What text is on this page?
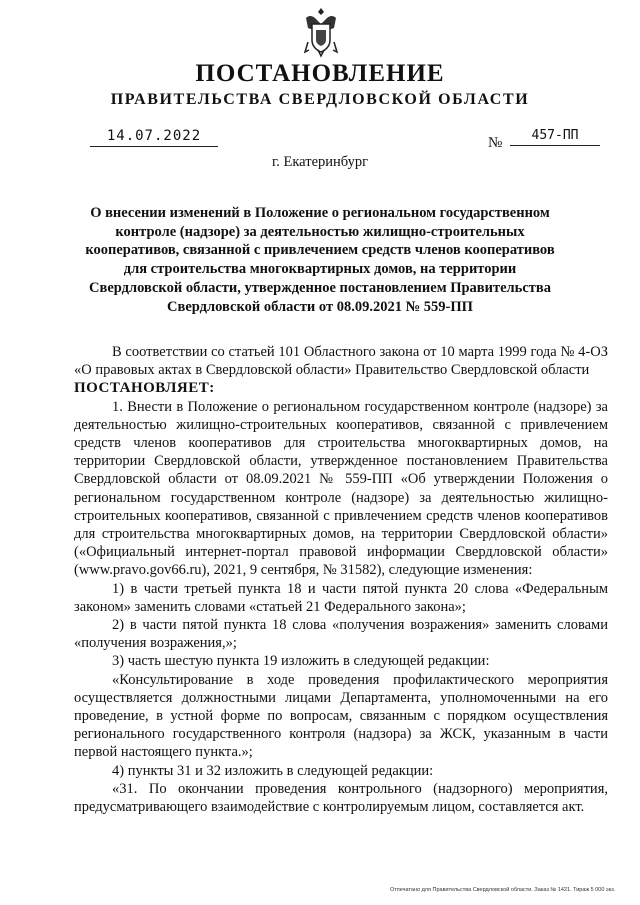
ПОСТАНОВЛЕНИЕ
ПРАВИТЕЛЬСТВА СВЕРДЛОВСКОЙ ОБЛАСТИ
14.07.2022	№	457-ПП
г. Екатеринбург
О внесении изменений в Положение о региональном государственном контроле (надзоре) за деятельностью жилищно-строительных кооперативов, связанной с привлечением средств членов кооперативов для строительства многоквартирных домов, на территории Свердловской области, утвержденное постановлением Правительства Свердловской области от 08.09.2021 № 559-ПП

В соответствии со статьей 101 Областного закона от 10 марта 1999 года № 4-ОЗ «О правовых актах в Свердловской области» Правительство Свердловской области

ПОСТАНОВЛЯЕТ:

1. Внести в Положение о региональном государственном контроле (надзоре) за деятельностью жилищно-строительных кооперативов, связанной с привлечением средств членов кооперативов для строительства многоквартирных домов, на территории Свердловской области, утвержденное постановлением Правительства Свердловской области от 08.09.2021 № 559-ПП «Об утверждении Положения о региональном государственном контроле (надзоре) за деятельностью жилищно-строительных кооперативов, связанной с привлечением средств членов кооперативов для строительства многоквартирных домов, на территории Свердловской области» («Официальный интернет-портал правовой информации Свердловской области» (www.pravo.gov66.ru), 2021, 9 сентября, № 31582), следующие изменения:

1) в части третьей пункта 18 и части пятой пункта 20 слова «Федеральным законом» заменить словами «статьей 21 Федерального закона»;

2) в части пятой пункта 18 слова «получения возражения» заменить словами «получения возражения,»;

3) часть шестую пункта 19 изложить в следующей редакции:

«Консультирование в ходе проведения профилактического мероприятия осуществляется должностными лицами Департамента, уполномоченными на его проведение, в устной форме по вопросам, связанным с порядком осуществления регионального государственного контроля (надзора) за ЖСК, указанным в части первой настоящего пункта.»;

4) пункты 31 и 32 изложить в следующей редакции:

«31. По окончании проведения контрольного (надзорного) мероприятия, предусматривающего взаимодействие с контролируемым лицом, составляется акт.

Отпечатано для Правительства Свердловской области. Заказ № 1421. Тираж 5 000 экз.
